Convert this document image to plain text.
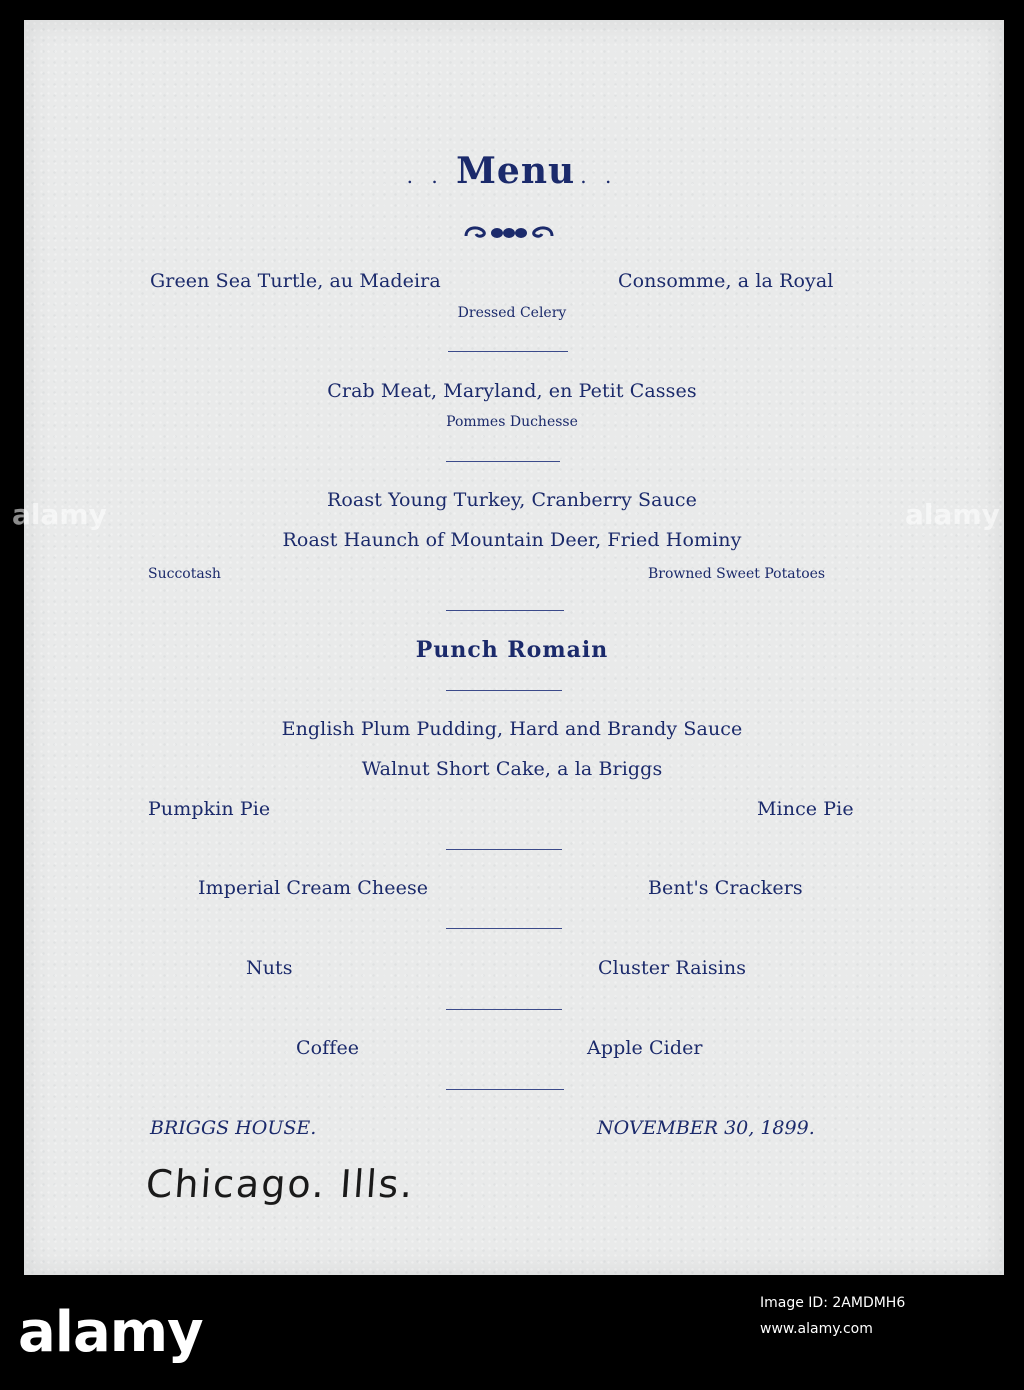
. . Menu . .
Green Sea Turtle, au Madeira	Consomme, a la Royal
Dressed Celery
Crab Meat, Maryland, en Petit Casses
Pommes Duchesse
Roast Young Turkey, Cranberry Sauce
Roast Haunch of Mountain Deer, Fried Hominy
Succotash	Browned Sweet Potatoes
Punch Romain
English Plum Pudding, Hard and Brandy Sauce
Walnut Short Cake, a la Briggs
Pumpkin Pie	Mince Pie
Imperial Cream Cheese	Bent's Crackers
Nuts	Cluster Raisins
Coffee	Apple Cider
BRIGGS HOUSE.	NOVEMBER 30, 1899.
Chicago. Ills.
alamy	alamy
alamy	Image ID: 2AMDMH6
www.alamy.com
